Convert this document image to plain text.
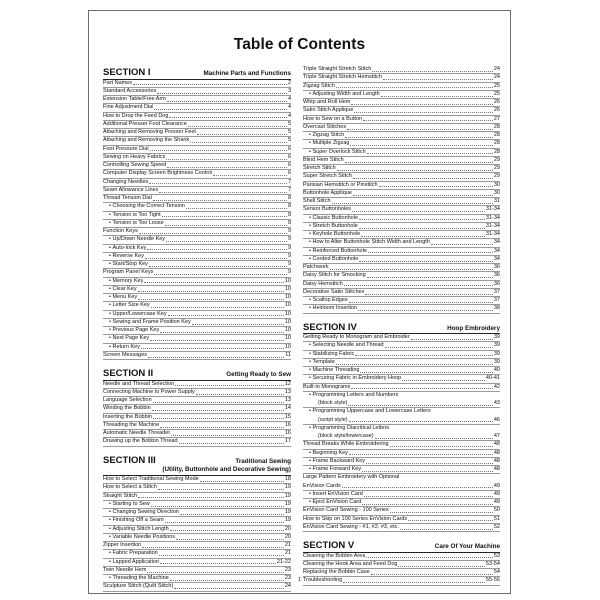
Table of Contents
SECTION I	Machine Parts and Functions
Part Names	2
Standard Accessories	3
Extension Table/Free Arm	4
Fine Adjustment Dial	4
How to Drop the Feed Dog	4
Additional Presser Foot Clearance	5
Attaching and Removing Presser Feet	5
Attaching and Removing the Shank	5
Foot Pressure Dial	6
Sewing on Heavy Fabrics	6
Controlling Sewing Speed	6
Computer Display Screen Brightness Control	6
Changing Needles	7
Seam Allowance Lines	7
Thread Tension Dial	8
• Choosing the Correct Tension	8
• Tension is Too Tight	8
• Tension is Too Loose	8
Function Keys	9
• Up/Down Needle Key	9
• Auto-lock Key	9
• Reverse Key	9
• Start/Stop Key	9
Program Panel Keys	9
• Memory Key	10
• Clear Key	10
• Menu Key	10
• Letter Size Key	10
• Upper/Lowercase Key	10
• Sewing and Frame Position Key	10
• Previous Page Key	10
• Next Page Key	10
• Return Key	10
Screen Messages	11
SECTION II	Getting Ready to Sew
Needle and Thread Selection	12
Connecting Machine to Power Supply	13
Language Selection	13
Winding the Bobbin	14
Inserting the Bobbin	15
Threading the Machine	16
Automatic Needle Threader	16
Drawing up the Bobbin Thread	17
SECTION III	Traditional Sewing
(Utility, Buttonhole and Decorative Sewing)
How to Select Traditional Sewing Mode	18
How to Select a Stitch	19
Straight Stitch	19
• Starting to Sew	19
• Changing Sewing Direction	19
• Finishing Off a Seam	19
• Adjusting Stitch Length	20
• Variable Needle Positions	20
Zipper Insertion	21
• Fabric Preparation	21
• Lapped Application	21-22
Twin Needle Hem	23
• Threading the Machine	23
Sculpture Stitch (Quilt Stitch)	24
Triple Straight Stretch Stitch	24
Triple Straight Stretch Hemstitch	24
Zigzag Stitch	25
• Adjusting Width and Length	25
Whip and Roll Hem	26
Satin Stitch Applique	26
How to Sew on a Button	27
Overcast Stitches	28
• Zigzag Stitch	28
• Multiple Zigzag	28
• Super Overlock Stitch	28
Blind Hem Stitch	29
Stretch Stitch	29
Super Stretch Stitch	29
Parisian Hemstitch or Pinstitch	30
Buttonhole Applique	30
Shell Stitch	31
Sensor Buttonholes	31-34
• Classic Buttonhole	31-34
• Stretch Buttonhole	31-34
• Keyhole Buttonhole	31-34
• How to Alter Buttonhole Stitch Width and Length	34
• Reinforced Buttonhole	34
• Corded Buttonhole	34
Patchwork	36
Daisy Stitch for Smocking	36
Daisy Hemstitch	36
Decorative Satin Stitches	37
• Scallop Edges	37
• Heirloom Insertion	38
SECTION IV	Hoop Embroidery
Getting Ready to Monogram and Embroider	39
• Selecting Needle and Thread	39
• Stabilizing Fabric	39
• Template	39
• Machine Threading	40
• Securing Fabric in Embroidery Hoop	40-41
Built-in Monograms	42
• Programming Letters and Numbers
(block style)	43
• Programming Uppercase and Lowercase Letters
(script style)	46
• Programming Diacritical Letters
(block style/lowercase)	47
Thread Breaks While Embroidering	48
• Beginning Key	48
• Frame Backward Key	48
• Frame Forward Key	48
Large Pattern Embroidery with Optional
EnVision Cards	49
• Insert EnVision Card	49
• Eject EnVision Card	49
EnVision Card Sewing - 100 Series	50
How to Skip on 100 Series EnVision Cards	51
EnVision Card Sewing - #1, #2, #3, etc.	52
SECTION V	Care Of Your Machine
Cleaning the Bobbin Area	53
Cleaning the Hook Area and Feed Dog	53-54
Replacing the Bobbin Case	54
Troubleshooting	55-56
1
